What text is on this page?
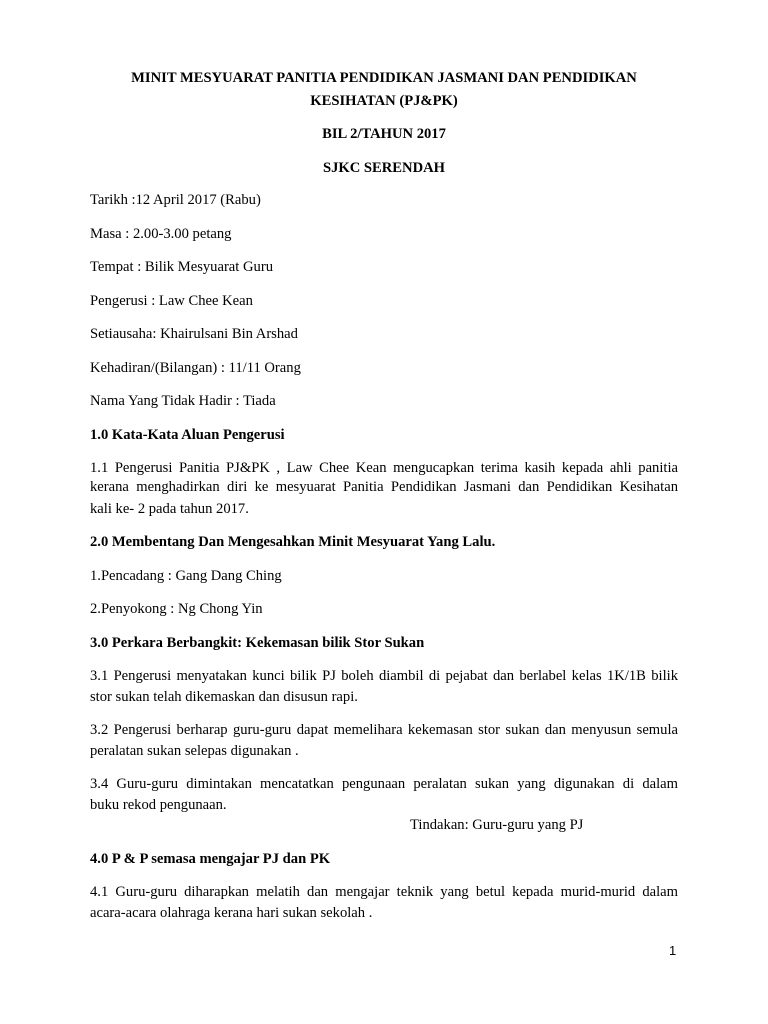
MINIT MESYUARAT PANITIA PENDIDIKAN JASMANI DAN PENDIDIKAN
KESIHATAN (PJ&PK)
BIL 2/TAHUN 2017
SJKC SERENDAH
Tarikh :12 April 2017 (Rabu)
Masa : 2.00-3.00 petang
Tempat : Bilik Mesyuarat Guru
Pengerusi : Law Chee Kean
Setiausaha: Khairulsani Bin Arshad
Kehadiran/(Bilangan) : 11/11 Orang
Nama Yang Tidak Hadir : Tiada
1.0 Kata-Kata Aluan Pengerusi
1.1 Pengerusi Panitia PJ&PK , Law Chee Kean mengucapkan terima kasih kepada ahli panitia
kerana menghadirkan diri ke mesyuarat Panitia Pendidikan Jasmani dan Pendidikan Kesihatan
kali ke- 2 pada tahun 2017.
2.0 Membentang Dan Mengesahkan Minit Mesyuarat Yang Lalu.
1.Pencadang : Gang Dang Ching
2.Penyokong : Ng Chong Yin
3.0 Perkara Berbangkit: Kekemasan bilik Stor Sukan
3.1 Pengerusi menyatakan kunci bilik PJ boleh diambil di pejabat dan berlabel kelas 1K/1B bilik
stor sukan telah dikemaskan dan disusun rapi.
3.2 Pengerusi berharap guru-guru dapat memelihara kekemasan stor sukan dan menyusun semula
peralatan sukan selepas digunakan .
3.4 Guru-guru dimintakan mencatatkan pengunaan peralatan sukan yang digunakan di dalam
buku rekod pengunaan.
Tindakan: Guru-guru yang PJ
4.0 P & P semasa mengajar PJ dan PK
4.1 Guru-guru diharapkan melatih dan mengajar teknik yang betul kepada murid-murid dalam
acara-acara olahraga kerana hari sukan sekolah .
1
